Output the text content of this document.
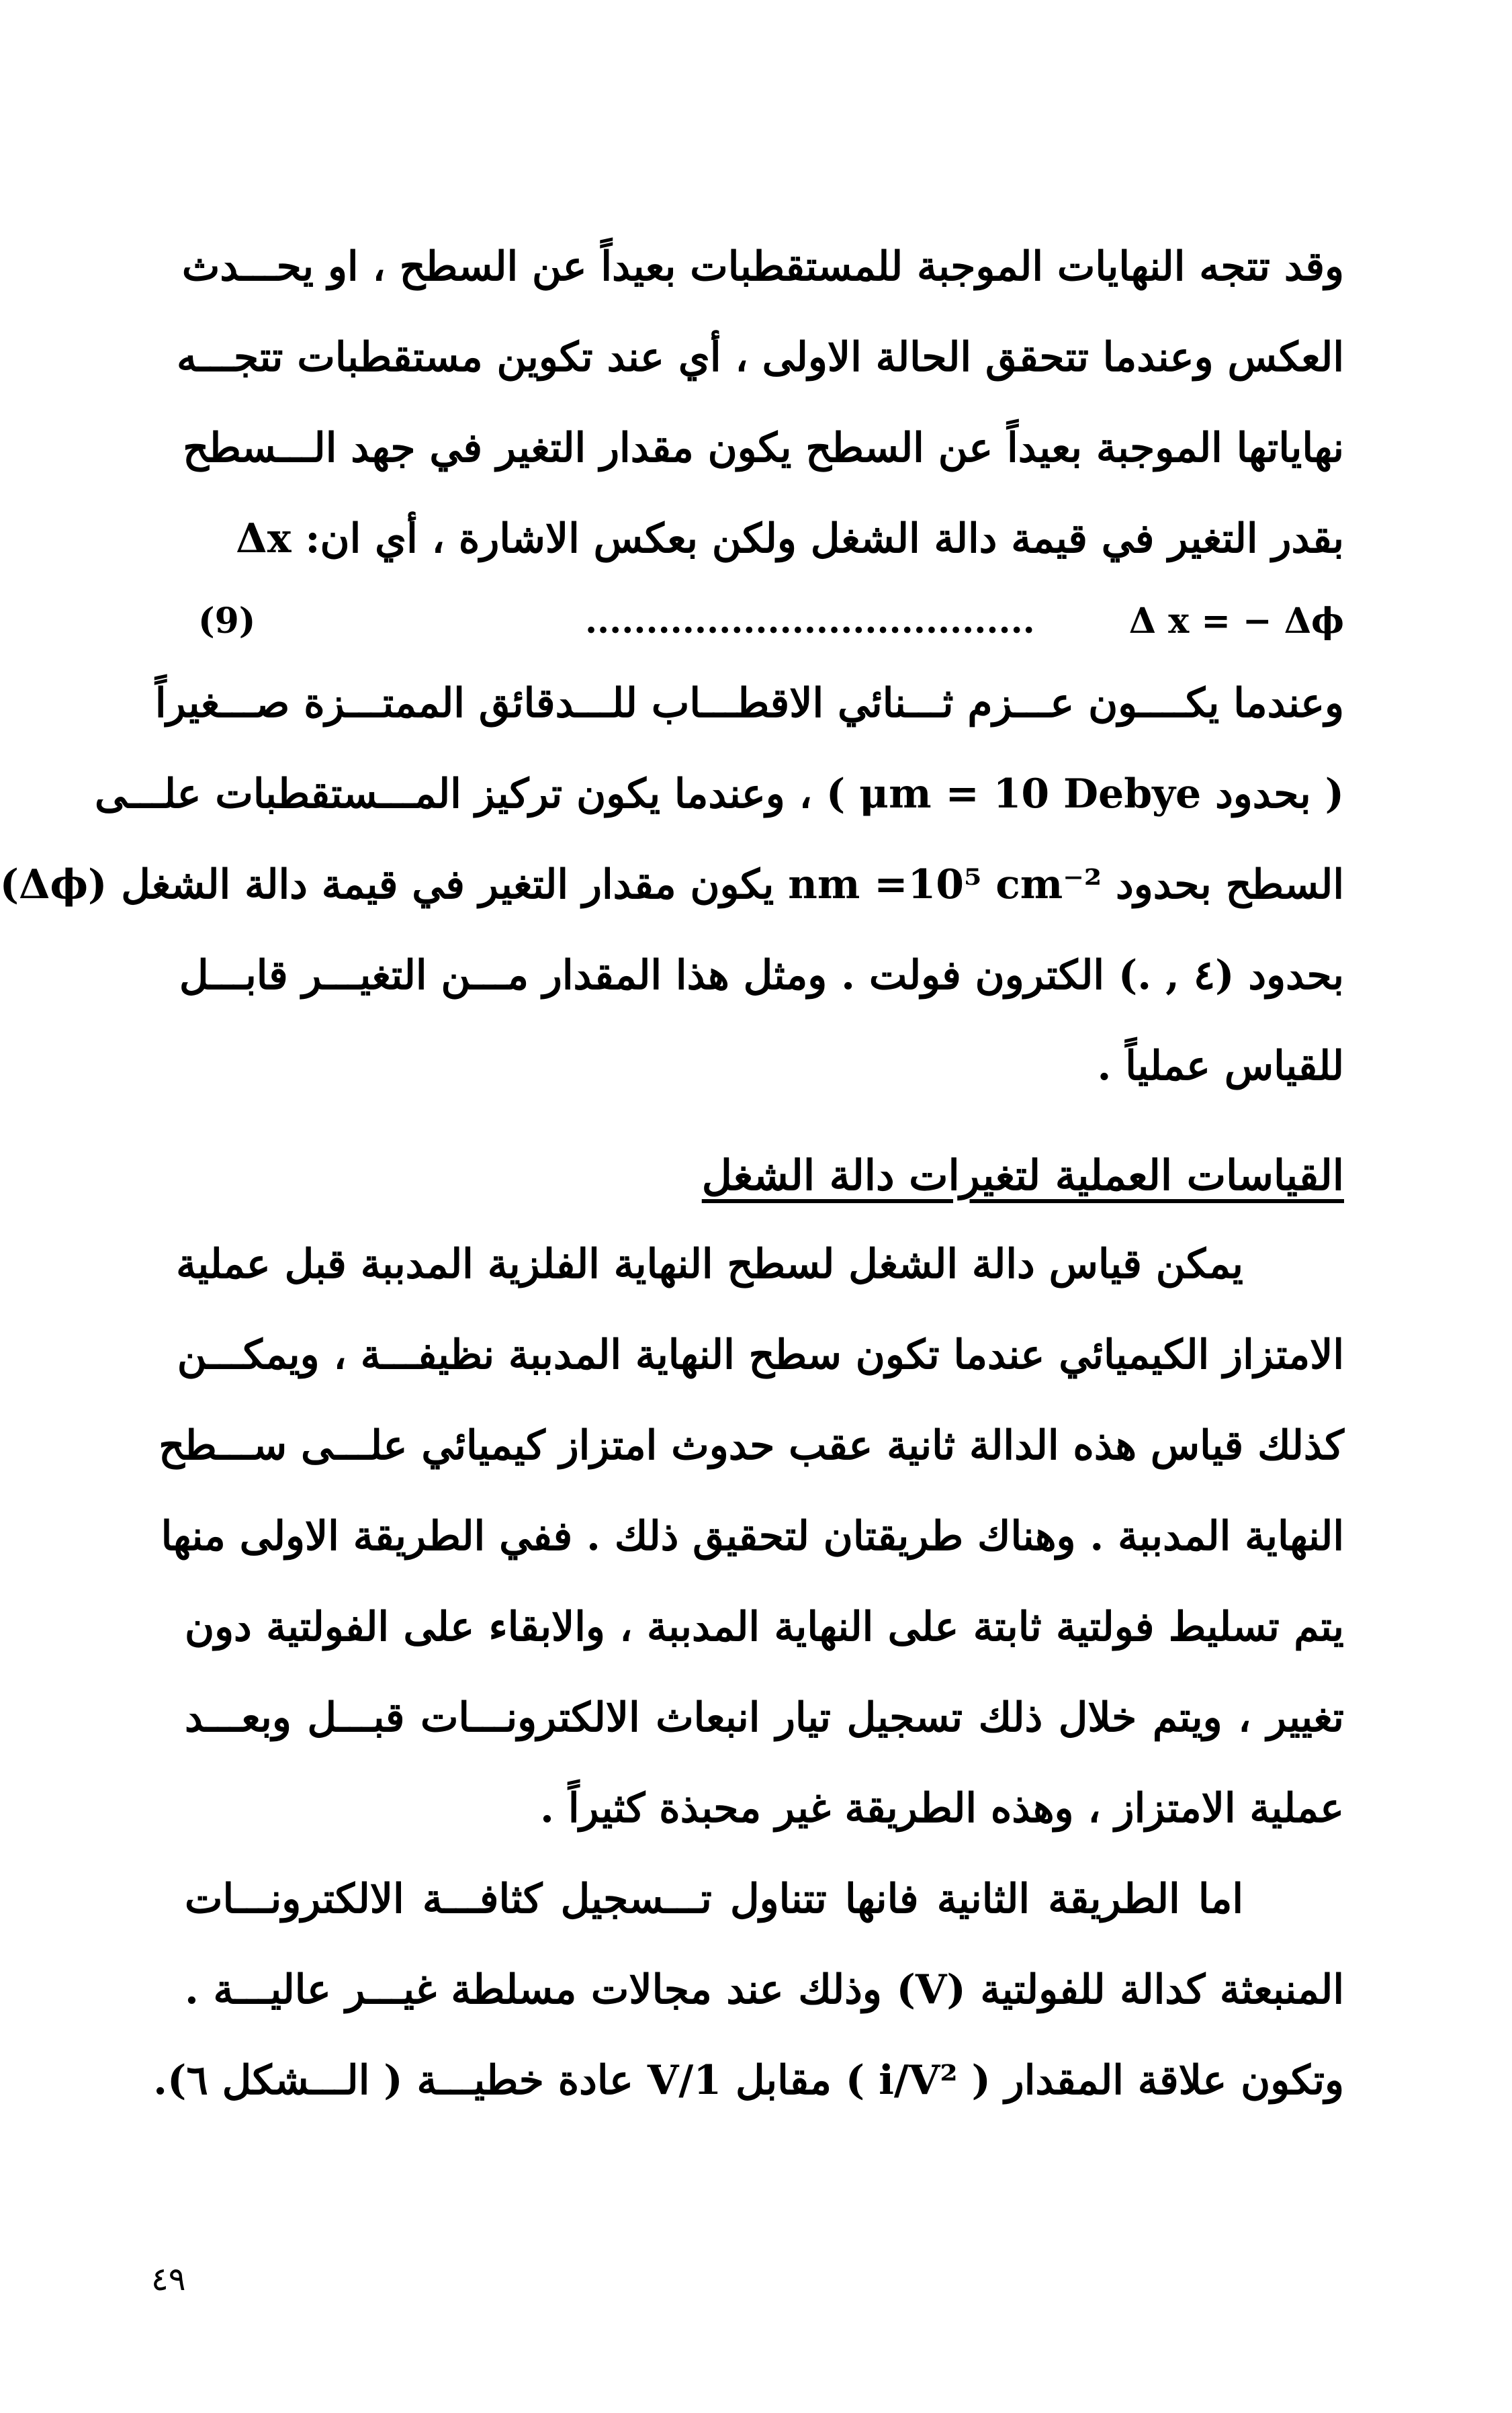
وقد تتجه النهايات الموجبة للمستقطبات بعيداً عن السطح ، او يحـــدث
العكس وعندما تتحقق الحالة الاولى ، أي عند تكوين مستقطبات تتجـــه
نهاياتها الموجبة بعيداً عن السطح يكون مقدار التغير في جهد الـــسطح
بقدر التغير في قيمة دالة الشغل ولكن بعكس الاشارة ، أي ان: Δx
(9)	.....................................	Δ x = − Δϕ
وعندما يكــــون عـــزم ثـــنائي الاقطـــاب للـــدقائق الممتـــزة صـــغيراً
( بحدود μm = 10 Debye ) ، وعندما يكون تركيز المـــستقطبات علـــى
السطح بحدود nm =10⁵ cm⁻² يكون مقدار التغير في قيمة دالة الشغل (Δϕ)
بحدود (٤ , .) الكترون فولت . ومثل هذا المقدار مـــن التغيـــر قابـــل
للقياس عملياً .
القياسات العملية لتغيرات دالة الشغل
يمكن قياس دالة الشغل لسطح النهاية الفلزية المدببة قبل عملية
الامتزاز الكيميائي عندما تكون سطح النهاية المدببة نظيفـــة ، ويمكـــن
كذلك قياس هذه الدالة ثانية عقب حدوث امتزاز كيميائي علـــى ســـطح
النهاية المدببة . وهناك طريقتان لتحقيق ذلك . ففي الطريقة الاولى منها
يتم تسليط فولتية ثابتة على النهاية المدببة ، والابقاء على الفولتية دون
تغيير ، ويتم خلال ذلك تسجيل تيار انبعاث الالكترونـــات قبـــل وبعـــد
عملية الامتزاز ، وهذه الطريقة غير محبذة كثيراً .
اما الطريقة الثانية فانها تتناول تـــسجيل كثافـــة الالكترونـــات
المنبعثة كدالة للفولتية (V) وذلك عند مجالات مسلطة غيـــر عاليـــة .
وتكون علاقة المقدار ( i/V² ) مقابل 1/V عادة خطيـــة ( الـــشكل ٦).
٤٩
